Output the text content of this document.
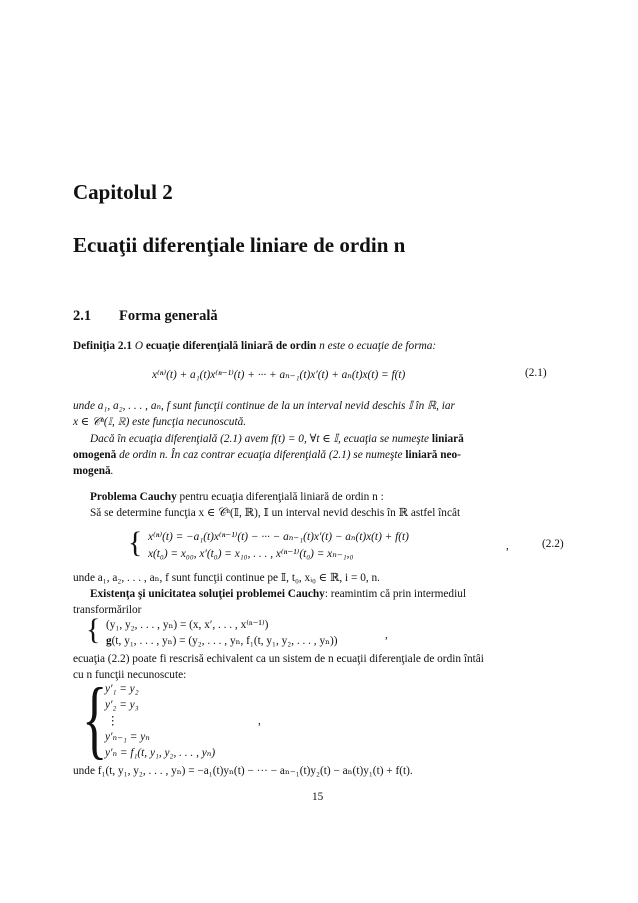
Capitolul 2
Ecuaţii diferenţiale liniare de ordin n
2.1 Forma generală
Definiţia 2.1 O ecuaţie diferenţială liniară de ordin n este o ecuaţie de forma:
x⁽ⁿ⁾(t) + a₁(t)x⁽ⁿ⁻¹⁾(t) + ··· + aₙ₋₁(t)x′(t) + aₙ(t)x(t) = f(t)	(2.1)
unde a₁, a₂, . . . , aₙ, f sunt funcţii continue de la un interval nevid deschis 𝕀 în ℝ, iar
x ∈ 𝒞ⁿ(𝕀, ℝ) este funcţia necunoscută.
Dacă în ecuaţia diferenţială (2.1) avem f(t) = 0, ∀t ∈ 𝕀, ecuaţia se numeşte liniară
omogenă de ordin n. În caz contrar ecuaţia diferenţială (2.1) se numeşte liniară neo-
mogenă.
Problema Cauchy pentru ecuaţia diferenţială liniară de ordin n :
Să se determine funcţia x ∈ 𝒞ⁿ(𝕀, ℝ), 𝕀 un interval nevid deschis în ℝ astfel încât
{ x⁽ⁿ⁾(t) = −a₁(t)x⁽ⁿ⁻¹⁾(t) − ··· − aₙ₋₁(t)x′(t) − aₙ(t)x(t) + f(t)
x(t₀) = x₀₀, x′(t₀) = x₁₀, . . . , x⁽ⁿ⁻¹⁾(t₀) = xₙ₋₁,₀
,	(2.2)
unde a₁, a₂, . . . , aₙ, f sunt funcţii continue pe 𝕀, t₀, xᵢ₀ ∈ ℝ, i = 0, n.
Existenţa şi unicitatea soluţiei problemei Cauchy: reamintim că prin intermediul
transformărilor
{ (y₁, y₂, . . . , yₙ) = (x, x′, . . . , x⁽ⁿ⁻¹⁾)
g(t, y₁, . . . , yₙ) = (y₂, . . . , yₙ, f₁(t, y₁, y₂, . . . , yₙ))	,
ecuaţia (2.2) poate fi rescrisă echivalent ca un sistem de n ecuaţii diferenţiale de ordin întâi
cu n funcţii necunoscute:
{
y′₁ = y₂
y′₂ = y₃
⋮
y′ₙ₋₁ = yₙ
y′ₙ = f₁(t, y₁, y₂, . . . , yₙ)
,
unde f₁(t, y₁, y₂, . . . , yₙ) = −a₁(t)yₙ(t) − ··· − aₙ₋₁(t)y₂(t) − aₙ(t)y₁(t) + f(t).
15
